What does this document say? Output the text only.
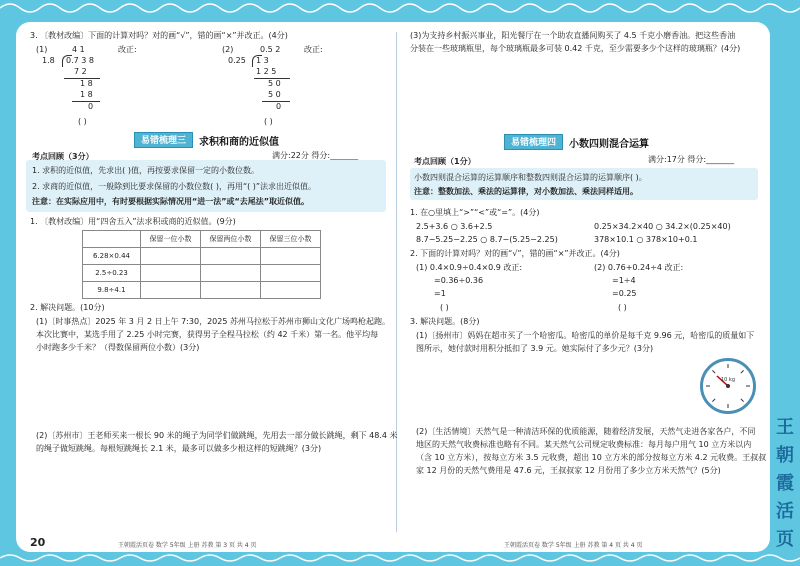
3. 〔教材改编〕下面的计算对吗？对的画“√”，错的画“×”并改正。(4分)
(1)	改正:	(2)	改正:
4 1
1.8 0.7 3 8
7 2
1 8
1 8
0
( )
0.5 2
0.25 1 3
1 2 5
5 0
5 0
0
( )
易错梳理三	求积和商的近似值
满分:22分 得分:_______
考点回顾（3分）
1. 求积的近似值，先求出( )值，再按要求保留一定的小数位数。
2. 求商的近似值，一般除到比要求保留的小数位数( )，再用“( )”法求出近似值。
注意：在实际应用中，有时要根据实际情况用“进一法”或“去尾法”取近似值。
1. 〔教材改编〕用“四舍五入”法求积或商的近似值。(9分)
	保留一位小数	保留两位小数	保留三位小数
6.28×0.44			
2.5÷0.23			
9.8÷4.1			
2. 解决问题。(10分)
(1)〔时事热点〕2025 年 3 月 2 日上午 7:30，2025 苏州马拉松于苏州市狮山文化广场鸣枪起跑。
本次比赛中，某选手用了 2.25 小时完赛，获得男子全程马拉松（约 42 千米）第一名。他平均每
小时跑多少千米？（得数保留两位小数）(3分)
(2)〔苏州市〕王老师买来一根长 90 米的绳子为同学们做跳绳，先用去一部分做长跳绳，剩下 48.4 米
的绳子做短跳绳。每根短跳绳长 2.1 米，最多可以做多少根这样的短跳绳？(3分)
20	王朝霞活页卷 数学 5年级 上册 苏教 第 3 页 共 4 页
(3)为支持乡村振兴事业，阳光餐厅在一个助农直播间购买了 4.5 千克小磨香油。把这些香油
分装在一些玻璃瓶里，每个玻璃瓶最多可装 0.42 千克，至少需要多少个这样的玻璃瓶？(4分)
易错梳理四	小数四则混合运算
满分:17分 得分:_______
考点回顾（1分）
小数四则混合运算的运算顺序和整数四则混合运算的运算顺序( )。
注意：整数加法、乘法的运算律，对小数加法、乘法同样适用。
1. 在○里填上“>”“<”或“=”。(4分)
2.5+3.6 ○ 3.6+2.5	0.25×34.2×40 ○ 34.2×(0.25×40)
8.7−5.25−2.25 ○ 8.7−(5.25−2.25)	378×10.1 ○ 378×10+0.1
2. 下面的计算对吗？对的画“√”，错的画“×”并改正。(4分)
(1) 0.4×0.9÷0.4×0.9 改正:
=0.36÷0.36
=1
( )
(2) 0.76+0.24÷4 改正:
=1÷4
=0.25
( )
3. 解决问题。(8分)
(1)〔扬州市〕妈妈在超市买了一个哈密瓜。哈密瓜的单价是每千克 9.96 元，哈密瓜的质量如下
图所示，她付款时用积分抵扣了 3.9 元。她实际付了多少元？(3分)
10 kg
(2)〔生活情境〕天然气是一种清洁环保的优质能源，随着经济发展，天然气走进各家各户，不同
地区的天然气收费标准也略有不同。某天然气公司规定收费标准：每月每户用气 10 立方米以内
（含 10 立方米），按每立方米 3.5 元收费，超出 10 立方米的部分按每立方米 4.2 元收费。王叔叔
家 12 月份的天然气费用是 47.6 元，王叔叔家 12 月份用了多少立方米天然气？(5分)
王朝霞活页卷 数学 5年级 上册 苏教 第 4 页 共 4 页
王朝霞活页
